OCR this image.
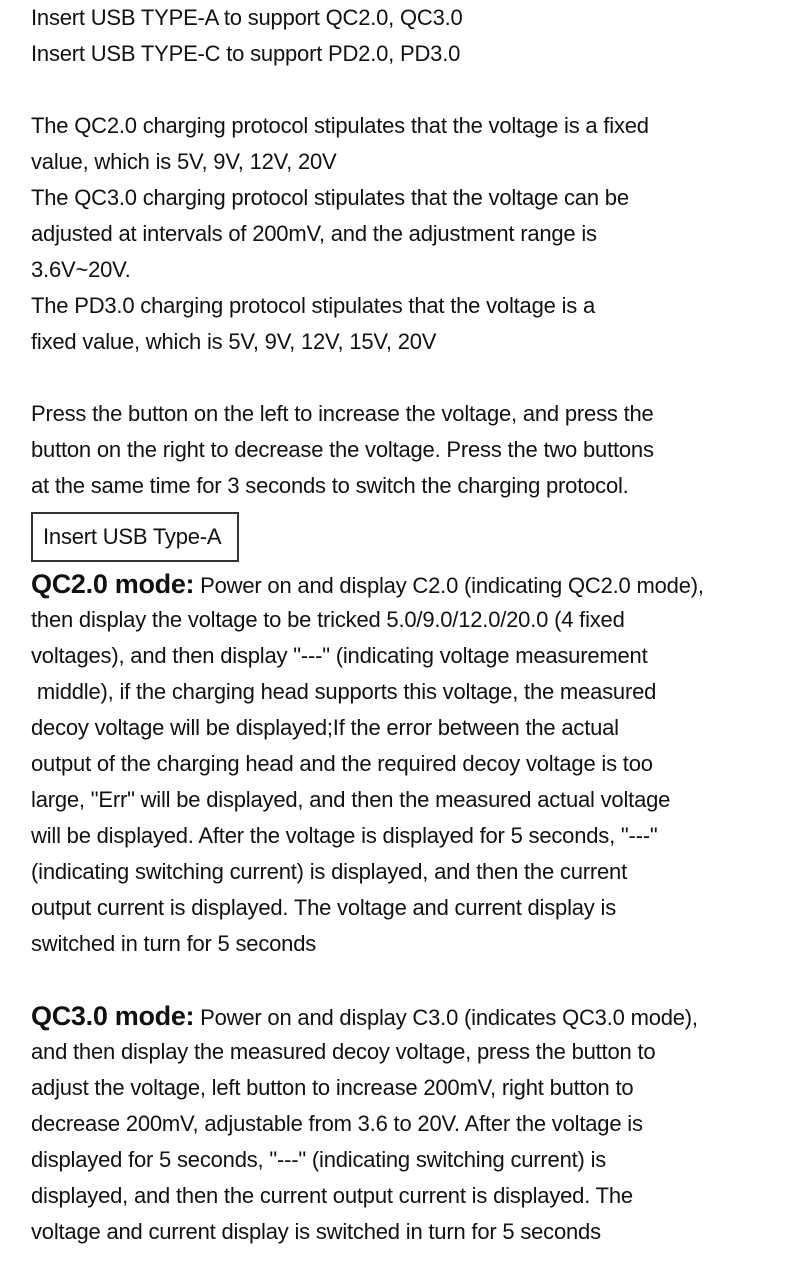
Insert USB TYPE-A to support QC2.0, QC3.0
Insert USB TYPE-C to support PD2.0, PD3.0
The QC2.0 charging protocol stipulates that the voltage is a fixed
value, which is 5V, 9V, 12V, 20V
The QC3.0 charging protocol stipulates that the voltage can be
adjusted at intervals of 200mV, and the adjustment range is
3.6V~20V.
The PD3.0 charging protocol stipulates that the voltage is a
fixed value, which is 5V, 9V, 12V, 15V, 20V
Press the button on the left to increase the voltage, and press the
button on the right to decrease the voltage. Press the two buttons
at the same time for 3 seconds to switch the charging protocol.
Insert USB Type-A
QC2.0 mode: Power on and display C2.0 (indicating QC2.0 mode),
then display the voltage to be tricked 5.0/9.0/12.0/20.0 (4 fixed
voltages), and then display "---" (indicating voltage measurement
middle), if the charging head supports this voltage, the measured
decoy voltage will be displayed;If the error between the actual
output of the charging head and the required decoy voltage is too
large, "Err" will be displayed, and then the measured actual voltage
will be displayed. After the voltage is displayed for 5 seconds, "---"
(indicating switching current) is displayed, and then the current
output current is displayed. The voltage and current display is
switched in turn for 5 seconds
QC3.0 mode: Power on and display C3.0 (indicates QC3.0 mode),
and then display the measured decoy voltage, press the button to
adjust the voltage, left button to increase 200mV, right button to
decrease 200mV, adjustable from 3.6 to 20V. After the voltage is
displayed for 5 seconds, "---" (indicating switching current) is
displayed, and then the current output current is displayed. The
voltage and current display is switched in turn for 5 seconds
